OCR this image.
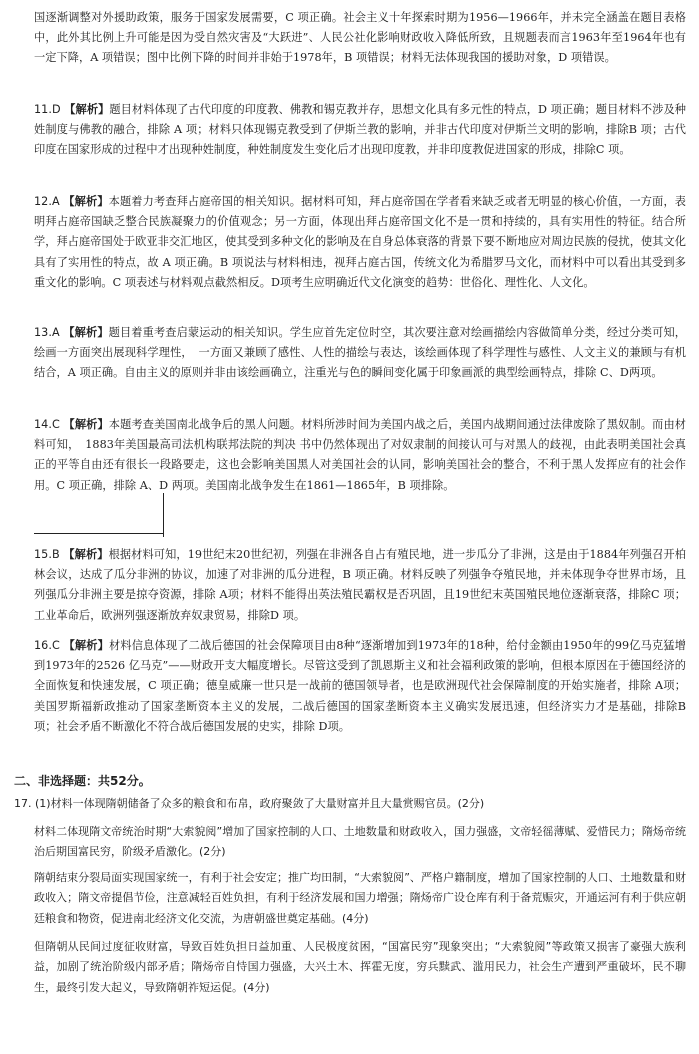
国逐渐调整对外援助政策，服务于国家发展需要，C 项正确。社会主义十年探索时期为1956—1966年，并未完全涵盖在题目表格中，此外其比例上升可能是因为受自然灾害及“大跃进”、人民公社化影响财政收入降低所致，且规题表而言1963年至1964年也有一定下降，A 项错误；图中比例下降的时间并非始于1978年，B 项错误；材料无法体现我国的援助对象，D 项错误。
11.D 【解析】题目材料体现了古代印度的印度教、佛教和锡克教并存，思想文化具有多元性的特点，D 项正确；题目材料不涉及种姓制度与佛教的融合，排除 A 项；材料只体现锡克教受到了伊斯兰教的影响，并非古代印度对伊斯兰文明的影响，排除B 项；古代印度在国家形成的过程中才出现种姓制度，种姓制度发生变化后才出现印度教，并非印度教促进国家的形成，排除C 项。
12.A 【解析】本题着力考查拜占庭帝国的相关知识。据材料可知，拜占庭帝国在学者看来缺乏或者无明显的核心价值，一方面，表明拜占庭帝国缺乏整合民族凝聚力的价值观念；另一方面，体现出拜占庭帝国文化不是一贯和持续的，具有实用性的特征。结合所学，拜占庭帝国处于欧亚非交汇地区，使其受到多种文化的影响及在自身总体衰落的背景下要不断地应对周边民族的侵扰，使其文化具有了实用性的特点，故 A 项正确。B 项说法与材料相违，视拜占庭古国，传统文化为希腊罗马文化，而材料中可以看出其受到多重文化的影响。C 项表述与材料观点截然相反。D项考生应明确近代文化演变的趋势：世俗化、理性化、人文化。
13.A 【解析】题目着重考查启蒙运动的相关知识。学生应首先定位时空，其次要注意对绘画描绘内容做简单分类，经过分类可知，绘画一方面突出展现科学理性，　一方面又兼顾了感性、人性的描绘与表达，该绘画体现了科学理性与感性、人文主义的兼顾与有机结合，A 项正确。自由主义的原则并非由该绘画确立，注重光与色的瞬间变化属于印象画派的典型绘画特点，排除 C、D两项。
14.C 【解析】本题考查美国南北战争后的黑人问题。材料所涉时间为美国内战之后，美国内战期间通过法律废除了黑奴制。而由材料可知，　1883年美国最高司法机构联邦法院的判决 书中仍然体现出了对奴隶制的间接认可与对黑人的歧视，由此表明美国社会真正的平等自由还有很长一段路要走，这也会影响美国黑人对美国社会的认同，影响美国社会的整合，不利于黑人发挥应有的社会作用。C 项正确，排除 A、D 两项。美国南北战争发生在1861—1865年，B 项排除。
15.B 【解析】根据材料可知，19世纪末20世纪初，列强在非洲各自占有殖民地，进一步瓜分了非洲，这是由于1884年列强召开柏林会议，达成了瓜分非洲的协议，加速了对非洲的瓜分进程，B 项正确。材料反映了列强争夺殖民地，并未体现争夺世界市场，且列强瓜分非洲主要是掠夺资源，排除 A项；材料不能得出英法殖民霸权是否巩固，且19世纪末英国殖民地位逐渐衰落，排除C 项；工业革命后，欧洲列强逐渐放弃奴隶贸易，排除D 项。
16.C 【解析】材料信息体现了二战后德国的社会保障项目由8种“逐渐增加到1973年的18种，给付金额由1950年的99亿马克猛增到1973年的2526 亿马克”——财政开支大幅度增长。尽管这受到了凯恩斯主义和社会福利政策的影响，但根本原因在于德国经济的全面恢复和快速发展，C 项正确；德皇威廉一世只是一战前的德国领导者，也是欧洲现代社会保障制度的开始实施者，排除 A项；美国罗斯福新政推动了国家垄断资本主义的发展，二战后德国的国家垄断资本主义确实发展迅速，但经济实力才是基础，排除B 项；社会矛盾不断激化不符合战后德国发展的史实，排除 D项。
二、非选择题：共52分。
17. (1)材料一体现隋朝储备了众多的粮食和布帛，政府聚敛了大量财富并且大量赏赐官员。(2分)
材料二体现隋文帝统治时期“大索貌阅”增加了国家控制的人口、土地数量和财政收入，国力强盛，文帝轻徭薄赋、爱惜民力；隋炀帝统治后期国富民穷，阶级矛盾激化。(2分)
隋朝结束分裂局面实现国家统一，有利于社会安定；推广均田制，“大索貌阅”、严格户籍制度，增加了国家控制的人口、土地数量和财政收入；隋文帝提倡节俭，注意减轻百姓负担，有利于经济发展和国力增强；隋炀帝广设仓库有利于备荒赈灾，开通运河有利于供应朝廷粮食和物资，促进南北经济文化交流，为唐朝盛世奠定基础。(4分)
但隋朝从民间过度征收财富，导致百姓负担日益加重、人民极度贫困，“国富民穷”现象突出；“大索貌阅”等政策又损害了豪强大族利益，加剧了统治阶级内部矛盾；隋炀帝自恃国力强盛，大兴土木、挥霍无度，穷兵黩武、滥用民力，社会生产遭到严重破坏，民不聊生，最终引发大起义，导致隋朝祚短运促。(4分)
